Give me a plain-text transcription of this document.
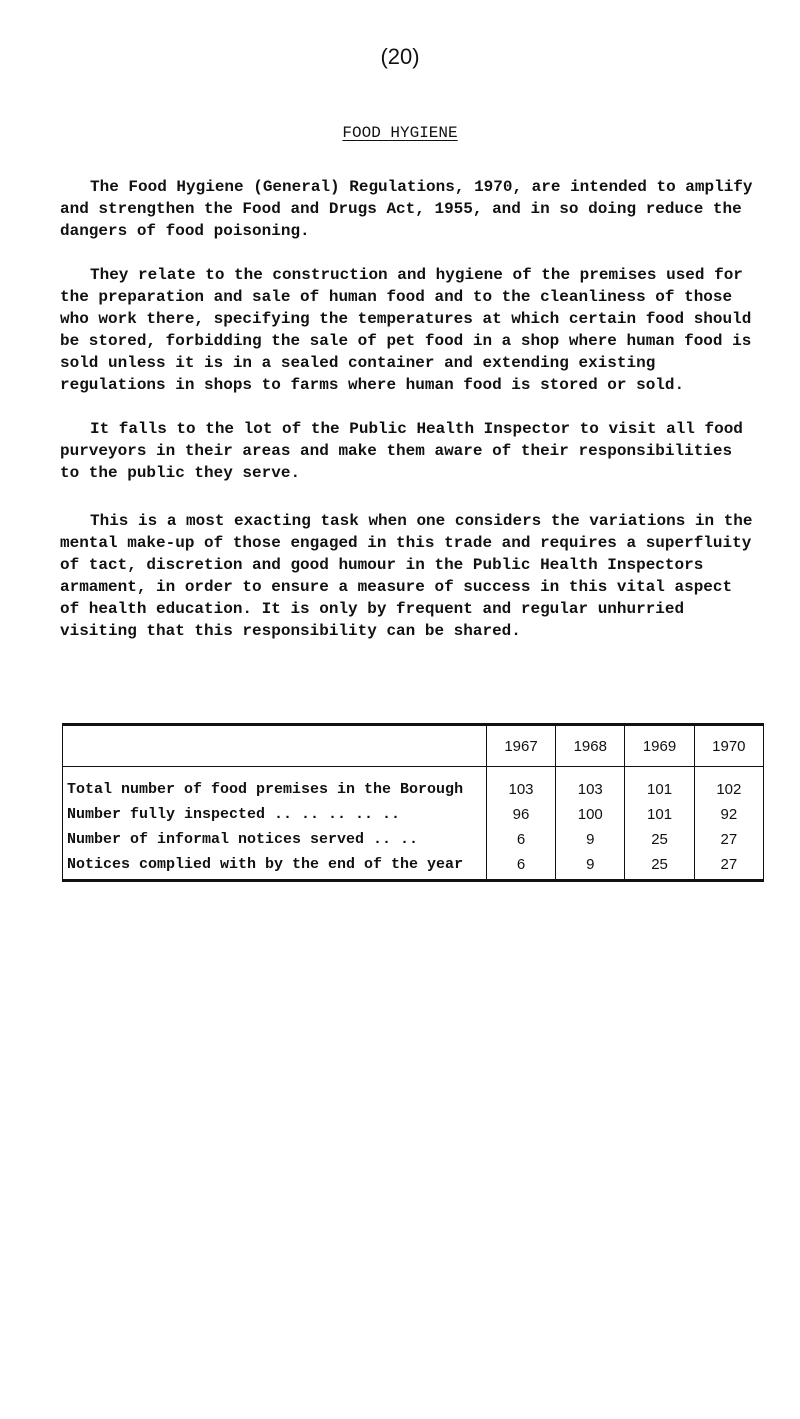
(20)
FOOD HYGIENE

The Food Hygiene (General) Regulations, 1970, are intended to amplify and strengthen the Food and Drugs Act, 1955, and in so doing reduce the dangers of food poisoning.

They relate to the construction and hygiene of the premises used for the preparation and sale of human food and to the cleanliness of those who work there, specifying the temperatures at which certain food should be stored, forbidding the sale of pet food in a shop where human food is sold unless it is in a sealed container and extending existing regulations in shops to farms where human food is stored or sold.

It falls to the lot of the Public Health Inspector to visit all food purveyors in their areas and make them aware of their responsibilities to the public they serve.

This is a most exacting task when one considers the variations in the mental make-up of those engaged in this trade and requires a superfluity of tact, discretion and good humour in the Public Health Inspectors armament, in order to ensure a measure of success in this vital aspect of health education. It is only by frequent and regular unhurried visiting that this responsibility can be shared.

	1967	1968	1969	1970
Total number of food premises in the Borough	103	103	101	102
Number fully inspected .. .. .. .. ..	96	100	101	92
Number of informal notices served .. ..	6	9	25	27
Notices complied with by the end of the year	6	9	25	27
